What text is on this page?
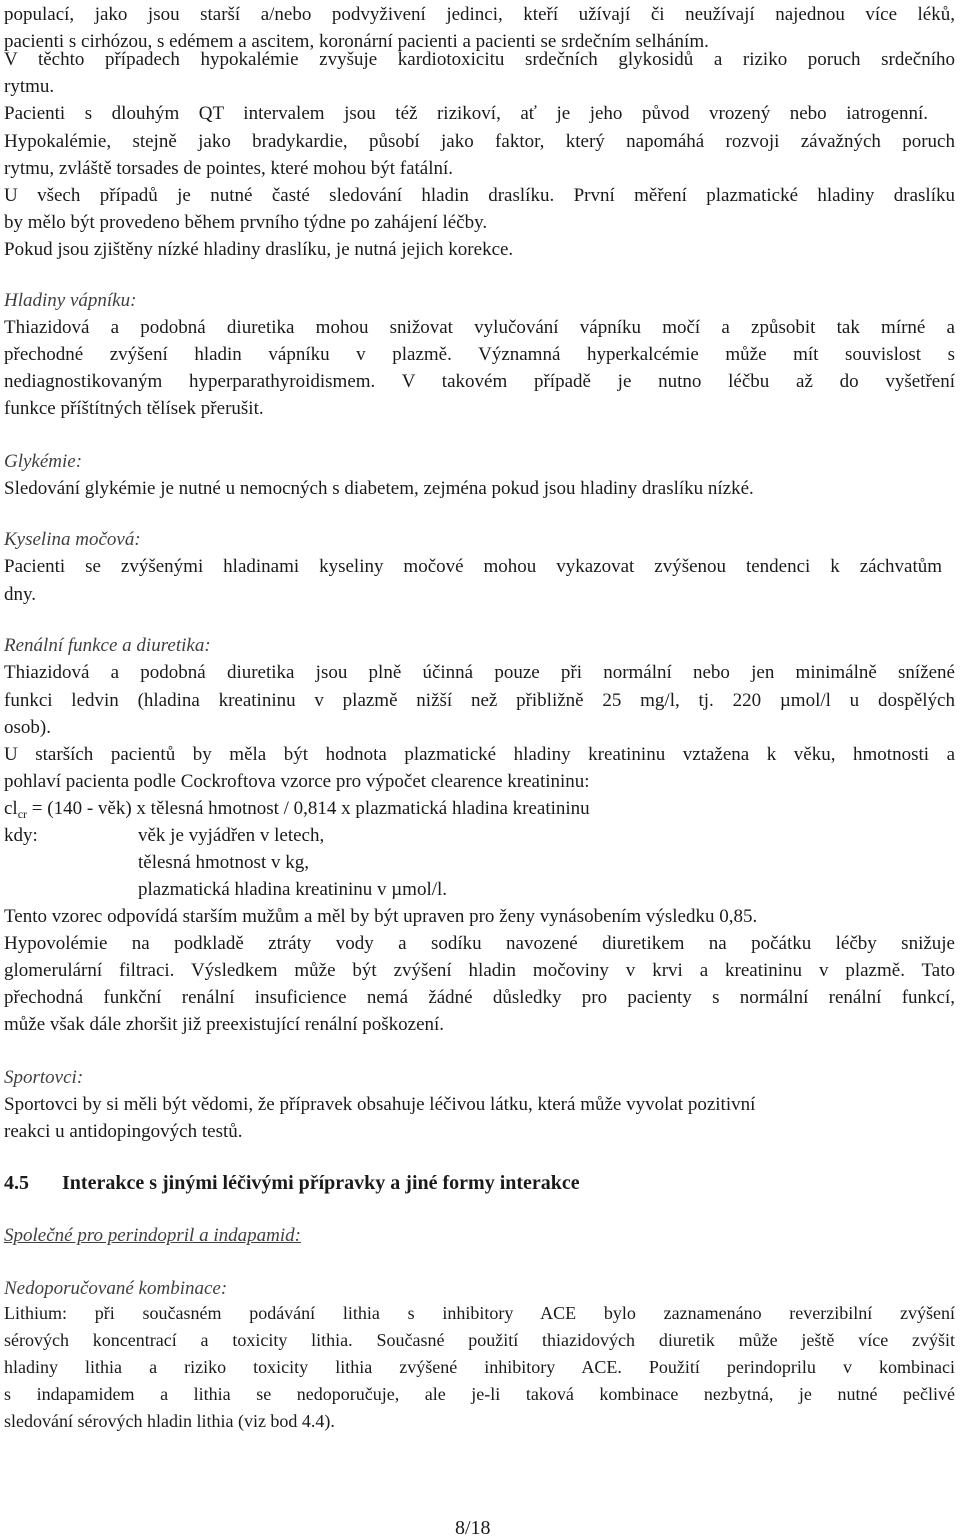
populací, jako jsou starší a/nebo podvyživení jedinci, kteří užívají či neužívají najednou více léků,
pacienti s cirhózou, s edémem a ascitem, koronární pacienti a pacienti se srdečním selháním.
V těchto případech hypokalémie zvyšuje kardiotoxicitu srdečních glykosidů a riziko poruch srdečního
rytmu.
Pacienti s dlouhým QT intervalem jsou též rizikoví, ať je jeho původ vrozený nebo iatrogenní.
Hypokalémie, stejně jako bradykardie, působí jako faktor, který napomáhá rozvoji závažných poruch
rytmu, zvláště torsades de pointes, které mohou být fatální.
U všech případů je nutné časté sledování hladin draslíku. První měření plazmatické hladiny draslíku
by mělo být provedeno během prvního týdne po zahájení léčby.
Pokud jsou zjištěny nízké hladiny draslíku, je nutná jejich korekce.
Hladiny vápníku:
Thiazidová a podobná diuretika mohou snižovat vylučování vápníku močí a způsobit tak mírné a
přechodné zvýšení hladin vápníku v plazmě. Významná hyperkalcémie může mít souvislost s
nediagnostikovaným hyperparathyroidismem. V takovém případě je nutno léčbu až do vyšetření
funkce příštítných tělísek přerušit.
Glykémie:
Sledování glykémie je nutné u nemocných s diabetem, zejména pokud jsou hladiny draslíku nízké.
Kyselina močová:
Pacienti se zvýšenými hladinami kyseliny močové mohou vykazovat zvýšenou tendenci k záchvatům
dny.
Renální funkce a diuretika:
Thiazidová a podobná diuretika jsou plně účinná pouze při normální nebo jen minimálně snížené
funkci ledvin (hladina kreatininu v plazmě nižší než přibližně 25 mg/l, tj. 220 µmol/l u dospělých
osob).
U starších pacientů by měla být hodnota plazmatické hladiny kreatininu vztažena k věku, hmotnosti a
pohlaví pacienta podle Cockroftova vzorce pro výpočet clearence kreatininu:
$cl_{cr} = (140$ - věk) x tělesná hmotnost / 0,814 x plazmatická hladina kreatininu
kdy:	věk je vyjádřen v letech,
tělesná hmotnost v kg,
plazmatická hladina kreatininu v µmol/l.
Tento vzorec odpovídá starším mužům a měl by být upraven pro ženy vynásobením výsledku 0,85.
Hypovolémie na podkladě ztráty vody a sodíku navozené diuretikem na počátku léčby snižuje
glomerulární filtraci. Výsledkem může být zvýšení hladin močoviny v krvi a kreatininu v plazmě. Tato
přechodná funkční renální insuficience nemá žádné důsledky pro pacienty s normální renální funkcí,
může však dále zhoršit již preexistující renální poškození.
Sportovci:
Sportovci by si měli být vědomi, že přípravek obsahuje léčivou látku, která může vyvolat pozitivní
reakci u antidopingových testů.
4.5 Interakce s jinými léčivými přípravky a jiné formy interakce
Společné pro perindopril a indapamid:
Nedoporučované kombinace:
Lithium: při současném podávání lithia s inhibitory ACE bylo zaznamenáno reverzibilní zvýšení
sérových koncentrací a toxicity lithia. Současné použití thiazidových diuretik může ještě více zvýšit
hladiny lithia a riziko toxicity lithia zvýšené inhibitory ACE. Použití perindoprilu v kombinaci
s indapamidem a lithia se nedoporučuje, ale je-li taková kombinace nezbytná, je nutné pečlivé
sledování sérových hladin lithia (viz bod 4.4).
8/18
